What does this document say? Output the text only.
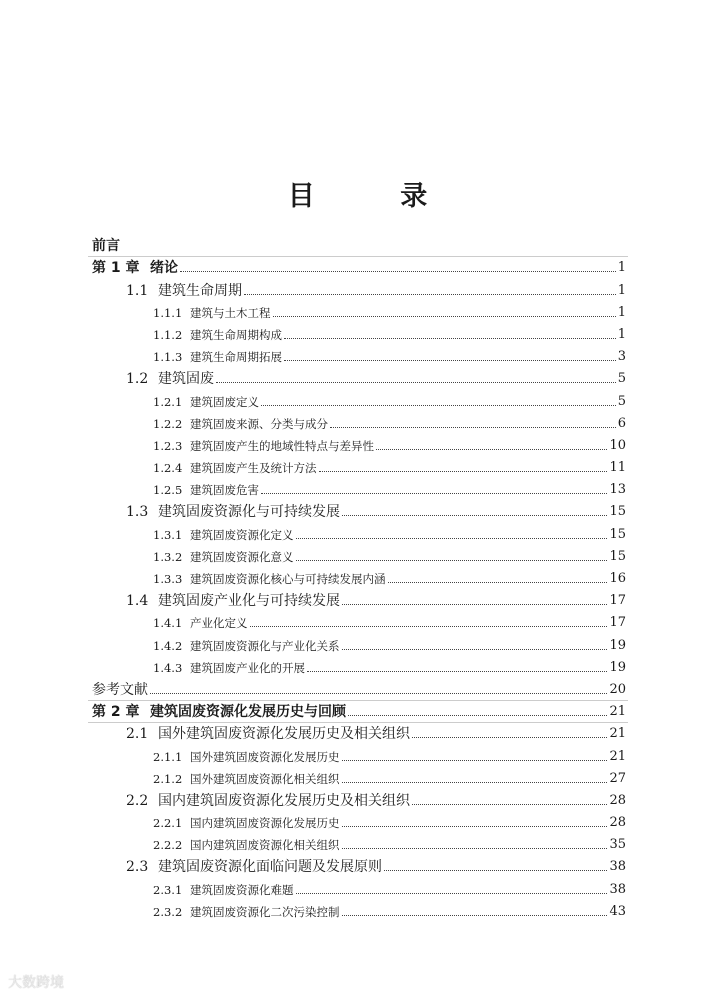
目 录
前言
第 1 章 绪论	1
1.1 建筑生命周期	1
1.1.1 建筑与土木工程	1
1.1.2 建筑生命周期构成	1
1.1.3 建筑生命周期拓展	3
1.2 建筑固废	5
1.2.1 建筑固废定义	5
1.2.2 建筑固废来源、分类与成分	6
1.2.3 建筑固废产生的地域性特点与差异性	10
1.2.4 建筑固废产生及统计方法	11
1.2.5 建筑固废危害	13
1.3 建筑固废资源化与可持续发展	15
1.3.1 建筑固废资源化定义	15
1.3.2 建筑固废资源化意义	15
1.3.3 建筑固废资源化核心与可持续发展内涵	16
1.4 建筑固废产业化与可持续发展	17
1.4.1 产业化定义	17
1.4.2 建筑固废资源化与产业化关系	19
1.4.3 建筑固废产业化的开展	19
参考文献	20
第 2 章 建筑固废资源化发展历史与回顾	21
2.1 国外建筑固废资源化发展历史及相关组织	21
2.1.1 国外建筑固废资源化发展历史	21
2.1.2 国外建筑固废资源化相关组织	27
2.2 国内建筑固废资源化发展历史及相关组织	28
2.2.1 国内建筑固废资源化发展历史	28
2.2.2 国内建筑固废资源化相关组织	35
2.3 建筑固废资源化面临问题及发展原则	38
2.3.1 建筑固废资源化难题	38
2.3.2 建筑固废资源化二次污染控制	43
大数跨境
